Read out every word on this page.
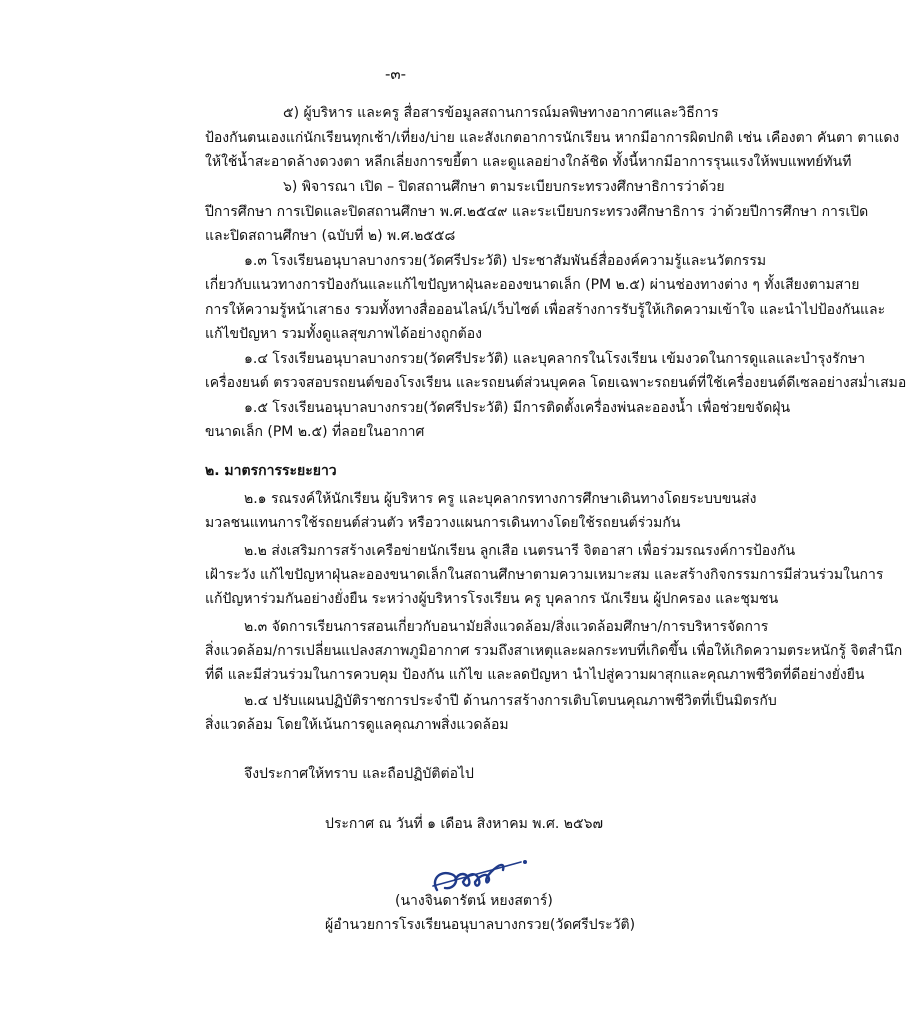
-๓-
๕) ผู้บริหาร และครู สื่อสารข้อมูลสถานการณ์มลพิษทางอากาศและวิธีการ
ป้องกันตนเองแก่นักเรียนทุกเช้า/เที่ยง/บ่าย และสังเกตอาการนักเรียน หากมีอาการผิดปกติ เช่น เคืองตา คันตา ตาแดง
ให้ใช้น้ำสะอาดล้างดวงตา หลีกเลี่ยงการขยี้ตา และดูแลอย่างใกล้ชิด ทั้งนี้หากมีอาการรุนแรงให้พบแพทย์ทันที
๖) พิจารณา เปิด – ปิดสถานศึกษา ตามระเบียบกระทรวงศึกษาธิการว่าด้วย
ปีการศึกษา การเปิดและปิดสถานศึกษา พ.ศ.๒๕๔๙ และระเบียบกระทรวงศึกษาธิการ ว่าด้วยปีการศึกษา การเปิด
และปิดสถานศึกษา (ฉบับที่ ๒) พ.ศ.๒๕๕๘
๑.๓ โรงเรียนอนุบาลบางกรวย(วัดศรีประวัติ) ประชาสัมพันธ์สื่อองค์ความรู้และนวัตกรรม
เกี่ยวกับแนวทางการป้องกันและแก้ไขปัญหาฝุ่นละอองขนาดเล็ก (PM ๒.๕) ผ่านช่องทางต่าง ๆ ทั้งเสียงตามสาย
การให้ความรู้หน้าเสาธง รวมทั้งทางสื่อออนไลน์/เว็บไซต์ เพื่อสร้างการรับรู้ให้เกิดความเข้าใจ และนำไปป้องกันและ
แก้ไขปัญหา รวมทั้งดูแลสุขภาพได้อย่างถูกต้อง
๑.๔ โรงเรียนอนุบาลบางกรวย(วัดศรีประวัติ) และบุคลากรในโรงเรียน เข้มงวดในการดูแลและบำรุงรักษา
เครื่องยนต์ ตรวจสอบรถยนต์ของโรงเรียน และรถยนต์ส่วนบุคคล โดยเฉพาะรถยนต์ที่ใช้เครื่องยนต์ดีเซลอย่างสม่ำเสมอ
๑.๕ โรงเรียนอนุบาลบางกรวย(วัดศรีประวัติ) มีการติดตั้งเครื่องพ่นละอองน้ำ เพื่อช่วยขจัดฝุ่น
ขนาดเล็ก (PM ๒.๕) ที่ลอยในอากาศ
๒. มาตรการระยะยาว
๒.๑ รณรงค์ให้นักเรียน ผู้บริหาร ครู และบุคลากรทางการศึกษาเดินทางโดยระบบขนส่ง
มวลชนแทนการใช้รถยนต์ส่วนตัว หรือวางแผนการเดินทางโดยใช้รถยนต์ร่วมกัน
๒.๒ ส่งเสริมการสร้างเครือข่ายนักเรียน ลูกเสือ เนตรนารี จิตอาสา เพื่อร่วมรณรงค์การป้องกัน
เฝ้าระวัง แก้ไขปัญหาฝุ่นละอองขนาดเล็กในสถานศึกษาตามความเหมาะสม และสร้างกิจกรรมการมีส่วนร่วมในการ
แก้ปัญหาร่วมกันอย่างยั่งยืน ระหว่างผู้บริหารโรงเรียน ครู บุคลากร นักเรียน ผู้ปกครอง และชุมชน
๒.๓ จัดการเรียนการสอนเกี่ยวกับอนามัยสิ่งแวดล้อม/สิ่งแวดล้อมศึกษา/การบริหารจัดการ
สิ่งแวดล้อม/การเปลี่ยนแปลงสภาพภูมิอากาศ รวมถึงสาเหตุและผลกระทบที่เกิดขึ้น เพื่อให้เกิดความตระหนักรู้ จิตสำนึก
ที่ดี และมีส่วนร่วมในการควบคุม ป้องกัน แก้ไข และลดปัญหา นำไปสู่ความผาสุกและคุณภาพชีวิตที่ดีอย่างยั่งยืน
๒.๔ ปรับแผนปฏิบัติราชการประจำปี ด้านการสร้างการเติบโตบนคุณภาพชีวิตที่เป็นมิตรกับ
สิ่งแวดล้อม โดยให้เน้นการดูแลคุณภาพสิ่งแวดล้อม
จึงประกาศให้ทราบ และถือปฏิบัติต่อไป
ประกาศ ณ วันที่ ๑ เดือน สิงหาคม พ.ศ. ๒๕๖๗
(นางจินดารัตน์ หยงสตาร์)
ผู้อำนวยการโรงเรียนอนุบาลบางกรวย(วัดศรีประวัติ)
